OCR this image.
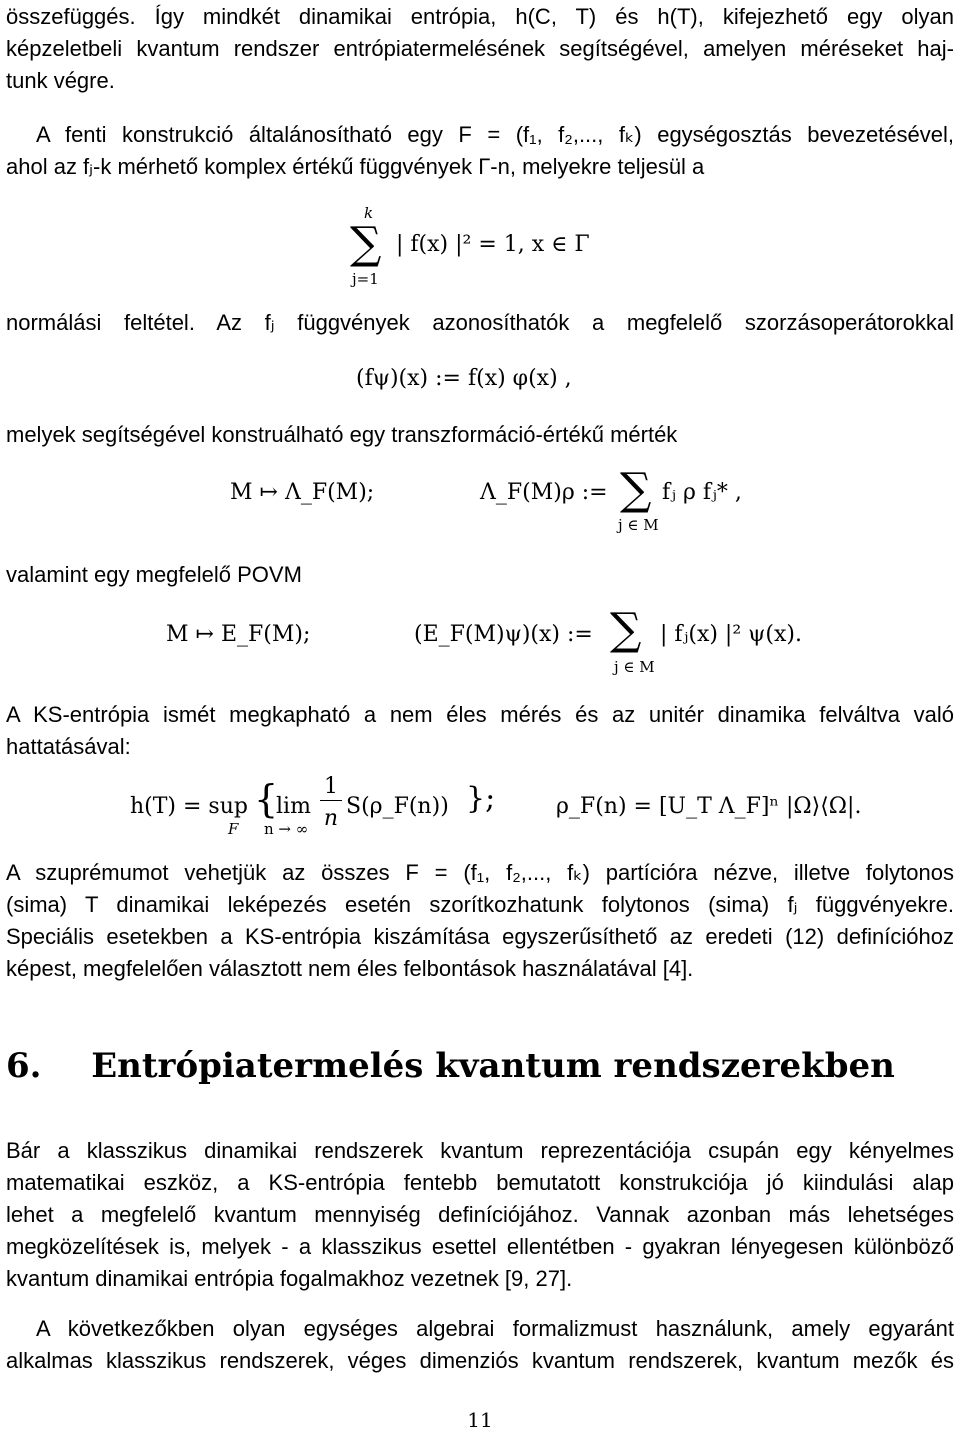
összefüggés. Így mindkét dinamikai entrópia, h(C, T) és h(T), kifejezhető egy olyan
képzeletbeli kvantum rendszer entrópiatermelésének segítségével, amelyen méréseket haj-
tunk végre.
A fenti konstrukció általánosítható egy F = (f₁, f₂,..., fₖ) egységosztás bevezetésével,
ahol az fⱼ-k mérhető komplex értékű függvények Γ-n, melyekre teljesül a
k
∑
j=1
| f(x) |² = 1, x ∈ Γ
normálási feltétel. Az fⱼ függvények azonosíthatók a megfelelő szorzásoperátorokkal
(fψ)(x) := f(x) φ(x) ,
melyek segítségével konstruálható egy transzformáció-értékű mérték
M ↦ Λ_F(M);	Λ_F(M)ρ := ∑
j ∈ M
fⱼ ρ fⱼ* ,
valamint egy megfelelő POVM
M ↦ E_F(M);	(E_F(M)ψ)(x) := ∑
j ∈ M
| fⱼ(x) |² ψ(x).
A KS-entrópia ismét megkapható a nem éles mérés és az unitér dinamika felváltva való
hattatásával:
h(T) = sup
F
{
lim
n → ∞
1
n S(ρ_F(n)) };	ρ_F(n) = [U_T Λ_F]ⁿ |Ω⟩⟨Ω|.
A szuprémumot vehetjük az összes F = (f₁, f₂,..., fₖ) partícióra nézve, illetve folytonos
(sima) T dinamikai leképezés esetén szorítkozhatunk folytonos (sima) fⱼ függvényekre.
Speciális esetekben a KS-entrópia kiszámítása egyszerűsíthető az eredeti (12) definícióhoz
képest, megfelelően választott nem éles felbontások használatával [4].
6. Entrópiatermelés kvantum rendszerekben
Bár a klasszikus dinamikai rendszerek kvantum reprezentációja csupán egy kényelmes
matematikai eszköz, a KS-entrópia fentebb bemutatott konstrukciója jó kiindulási alap
lehet a megfelelő kvantum mennyiség definíciójához. Vannak azonban más lehetséges
megközelítések is, melyek - a klasszikus esettel ellentétben - gyakran lényegesen különböző
kvantum dinamikai entrópia fogalmakhoz vezetnek [9, 27].
A következőkben olyan egységes algebrai formalizmust használunk, amely egyaránt
alkalmas klasszikus rendszerek, véges dimenziós kvantum rendszerek, kvantum mezők és
11
